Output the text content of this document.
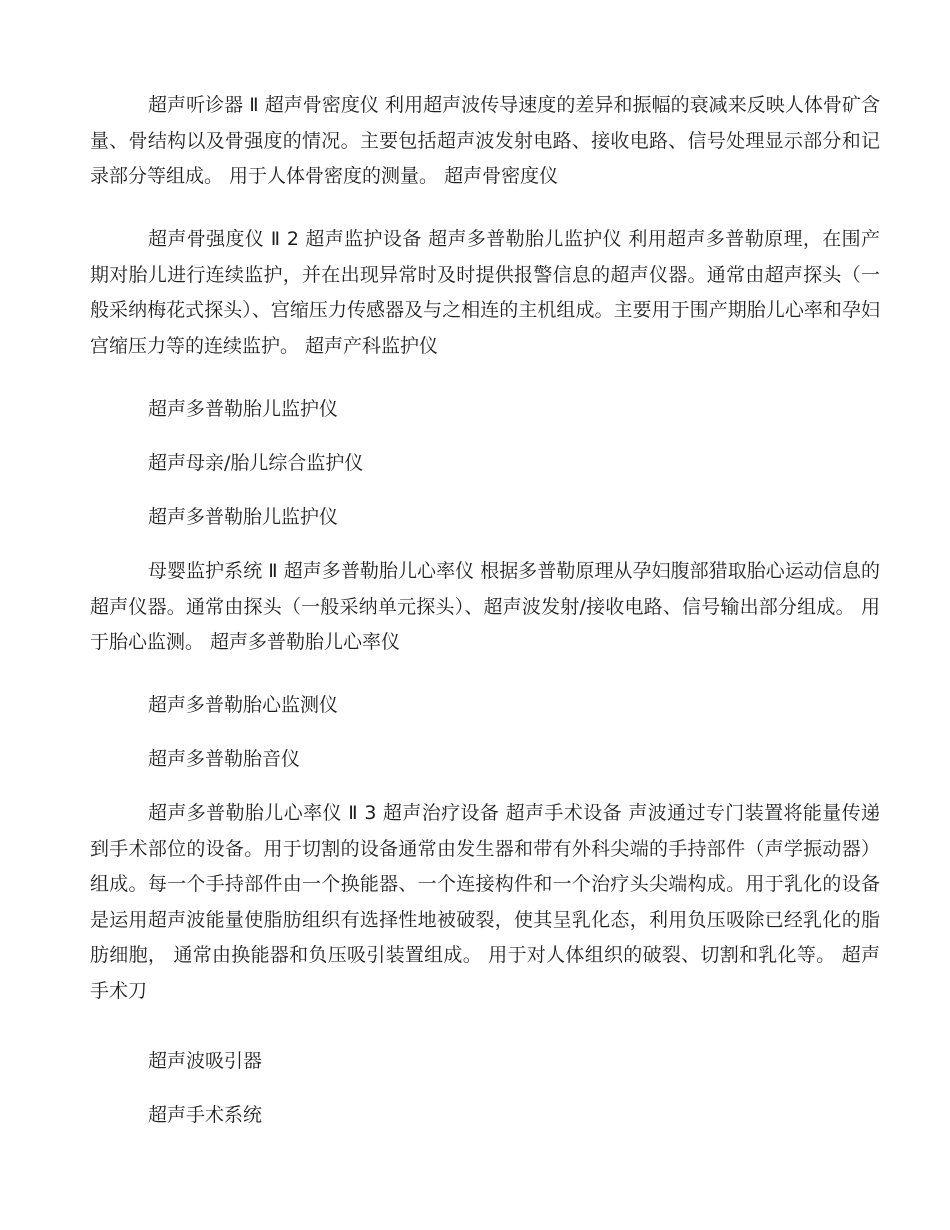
超声听诊器 Ⅱ 超声骨密度仪 利用超声波传导速度的差异和振幅的衰减来反映人体骨矿含量、骨结构以及骨强度的情况。主要包括超声波发射电路、接收电路、信号处理显示部分和记录部分等组成。 用于人体骨密度的测量。 超声骨密度仪

超声骨强度仪 Ⅱ 2 超声监护设备 超声多普勒胎儿监护仪 利用超声多普勒原理，在围产期对胎儿进行连续监护，并在出现异常时及时提供报警信息的超声仪器。通常由超声探头（一般采纳梅花式探头）、宫缩压力传感器及与之相连的主机组成。主要用于围产期胎儿心率和孕妇宫缩压力等的连续监护。 超声产科监护仪

超声多普勒胎儿监护仪

超声母亲/胎儿综合监护仪

超声多普勒胎儿监护仪

母婴监护系统 Ⅱ 超声多普勒胎儿心率仪 根据多普勒原理从孕妇腹部猎取胎心运动信息的超声仪器。通常由探头（一般采纳单元探头）、超声波发射/接收电路、信号输出部分组成。 用于胎心监测。 超声多普勒胎儿心率仪

超声多普勒胎心监测仪

超声多普勒胎音仪

超声多普勒胎儿心率仪 Ⅱ 3 超声治疗设备 超声手术设备 声波通过专门装置将能量传递到手术部位的设备。用于切割的设备通常由发生器和带有外科尖端的手持部件（声学振动器）组成。每一个手持部件由一个换能器、一个连接构件和一个治疗头尖端构成。用于乳化的设备是运用超声波能量使脂肪组织有选择性地被破裂，使其呈乳化态，利用负压吸除已经乳化的脂肪细胞， 通常由换能器和负压吸引装置组成。 用于对人体组织的破裂、切割和乳化等。 超声手术刀

超声波吸引器

超声手术系统
